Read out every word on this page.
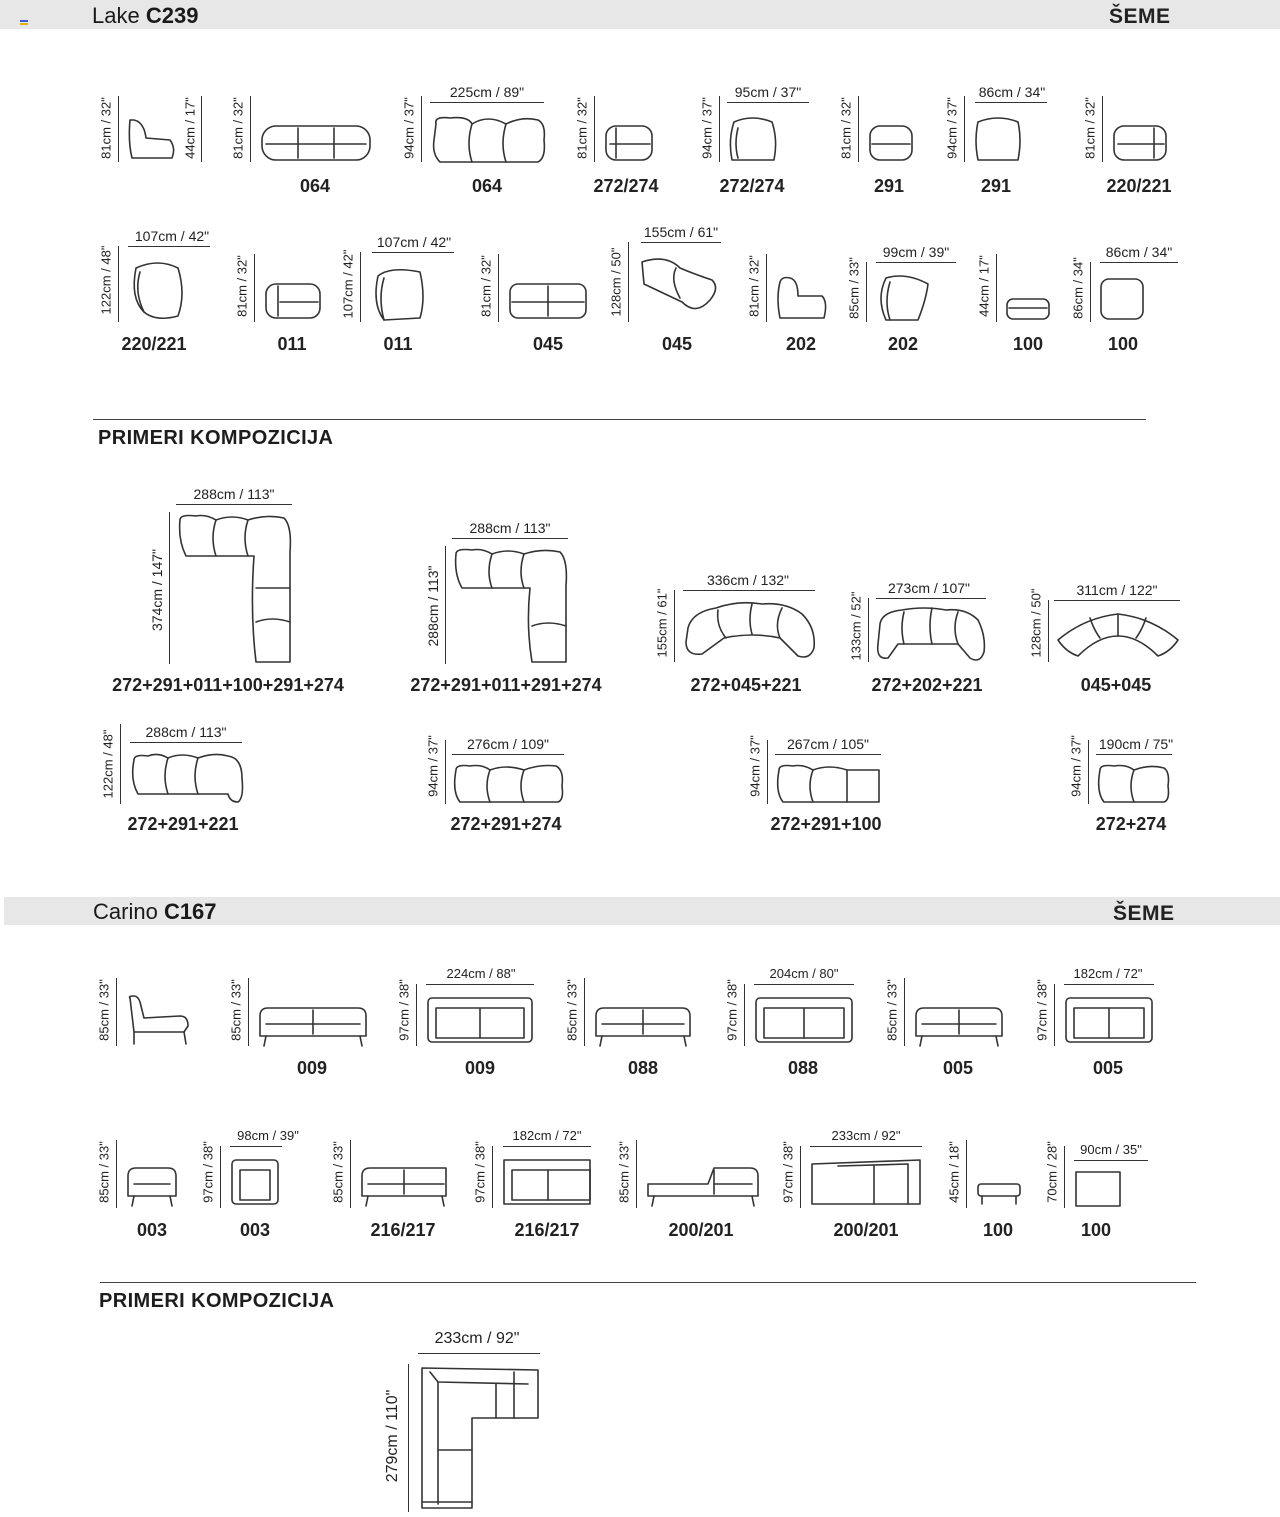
Lake C239	ŠEME
81cm / 32"	44cm / 17"	81cm / 32"
064
225cm / 89"
94cm / 37"
064
81cm / 32"
272/274
95cm / 37"
94cm / 37"
272/274
81cm / 32"
291
86cm / 34"
94cm / 37"
291
81cm / 32"
220/221
107cm / 42"
122cm / 48"
220/221
81cm / 32"
011
107cm / 42"
107cm / 42"
011
81cm / 32"
045
155cm / 61"
128cm / 50"
045
81cm / 32"
202
99cm / 39"
85cm / 33"
202
44cm / 17"
100
86cm / 34"
86cm / 34"
100
PRIMERI KOMPOZICIJA
288cm / 113"
374cm / 147"
272+291+011+100+291+274
288cm / 113"
288cm / 113"
272+291+011+291+274
336cm / 132"
155cm / 61"
272+045+221
273cm / 107"
133cm / 52"
272+202+221
311cm / 122"
128cm / 50"
045+045
288cm / 113"
122cm / 48"
272+291+221
276cm / 109"
94cm / 37"
272+291+274
267cm / 105"
94cm / 37"
272+291+100
190cm / 75"
94cm / 37"
272+274
Carino C167	ŠEME
85cm / 33"	85cm / 33"
009
224cm / 88"
97cm / 38"
009
85cm / 33"
088
204cm / 80"
97cm / 38"
088
85cm / 33"
005
182cm / 72"
97cm / 38"
005
85cm / 33"
003
98cm / 39"
97cm / 38"
003
85cm / 33"
216/217
182cm / 72"
97cm / 38"
216/217
85cm / 33"
200/201
233cm / 92"
97cm / 38"
200/201
45cm / 18"
100
90cm / 35"
70cm / 28"
100
PRIMERI KOMPOZICIJA
233cm / 92"
279cm / 110"
